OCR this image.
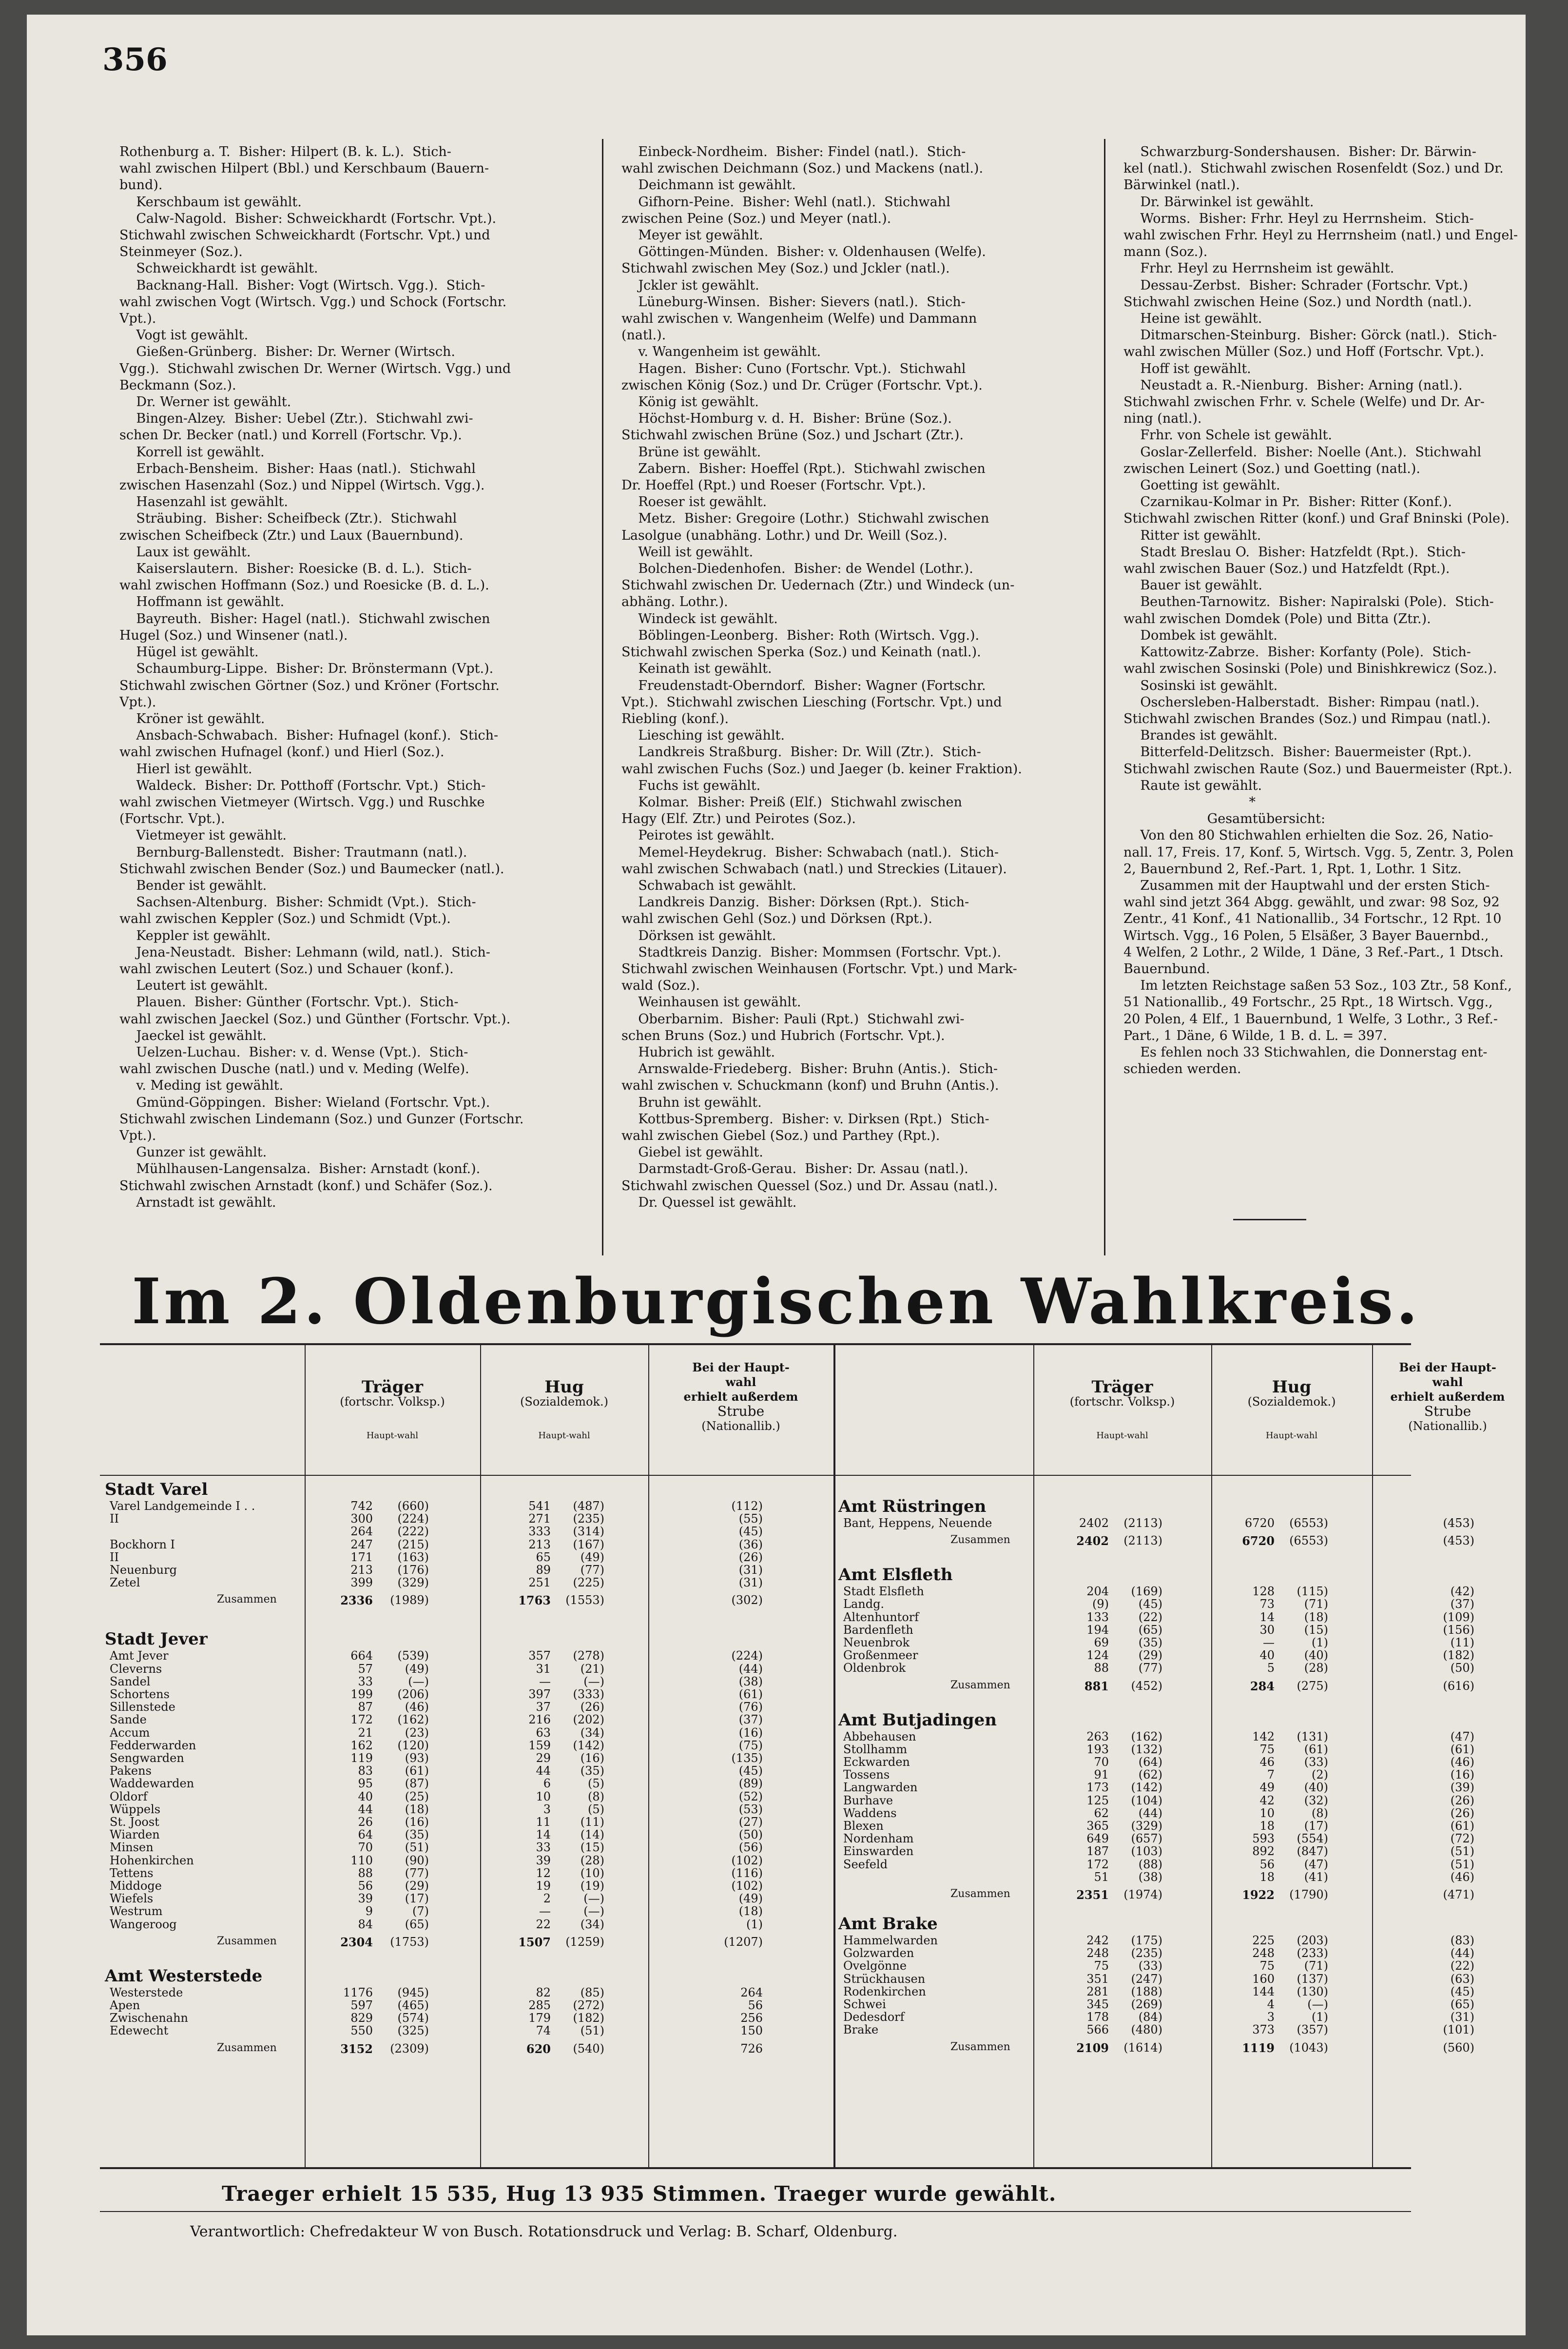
356
Rothenburg a. T.  Bisher: Hilpert (B. k. L.).  Stich-
wahl zwischen Hilpert (Bbl.) und Kerschbaum (Bauern-
bund).
Kerschbaum ist gewählt.
Calw-Nagold.  Bisher: Schweickhardt (Fortschr. Vpt.).
Stichwahl zwischen Schweickhardt (Fortschr. Vpt.) und
Steinmeyer (Soz.).
Schweickhardt ist gewählt.
Backnang-Hall.  Bisher: Vogt (Wirtsch. Vgg.).  Stich-
wahl zwischen Vogt (Wirtsch. Vgg.) und Schock (Fortschr.
Vpt.).
Vogt ist gewählt.
Gießen-Grünberg.  Bisher: Dr. Werner (Wirtsch.
Vgg.).  Stichwahl zwischen Dr. Werner (Wirtsch. Vgg.) und
Beckmann (Soz.).
Dr. Werner ist gewählt.
Bingen-Alzey.  Bisher: Uebel (Ztr.).  Stichwahl zwi-
schen Dr. Becker (natl.) und Korrell (Fortschr. Vp.).
Korrell ist gewählt.
Erbach-Bensheim.  Bisher: Haas (natl.).  Stichwahl
zwischen Hasenzahl (Soz.) und Nippel (Wirtsch. Vgg.).
Hasenzahl ist gewählt.
Sträubing.  Bisher: Scheifbeck (Ztr.).  Stichwahl
zwischen Scheifbeck (Ztr.) und Laux (Bauernbund).
Laux ist gewählt.
Kaiserslautern.  Bisher: Roesicke (B. d. L.).  Stich-
wahl zwischen Hoffmann (Soz.) und Roesicke (B. d. L.).
Hoffmann ist gewählt.
Bayreuth.  Bisher: Hagel (natl.).  Stichwahl zwischen
Hugel (Soz.) und Winsener (natl.).
Hügel ist gewählt.
Schaumburg-Lippe.  Bisher: Dr. Brönstermann (Vpt.).
Stichwahl zwischen Görtner (Soz.) und Kröner (Fortschr.
Vpt.).
Kröner ist gewählt.
Ansbach-Schwabach.  Bisher: Hufnagel (konf.).  Stich-
wahl zwischen Hufnagel (konf.) und Hierl (Soz.).
Hierl ist gewählt.
Waldeck.  Bisher: Dr. Potthoff (Fortschr. Vpt.)  Stich-
wahl zwischen Vietmeyer (Wirtsch. Vgg.) und Ruschke
(Fortschr. Vpt.).
Vietmeyer ist gewählt.
Bernburg-Ballenstedt.  Bisher: Trautmann (natl.).
Stichwahl zwischen Bender (Soz.) und Baumecker (natl.).
Bender ist gewählt.
Sachsen-Altenburg.  Bisher: Schmidt (Vpt.).  Stich-
wahl zwischen Keppler (Soz.) und Schmidt (Vpt.).
Keppler ist gewählt.
Jena-Neustadt.  Bisher: Lehmann (wild, natl.).  Stich-
wahl zwischen Leutert (Soz.) und Schauer (konf.).
Leutert ist gewählt.
Plauen.  Bisher: Günther (Fortschr. Vpt.).  Stich-
wahl zwischen Jaeckel (Soz.) und Günther (Fortschr. Vpt.).
Jaeckel ist gewählt.
Uelzen-Luchau.  Bisher: v. d. Wense (Vpt.).  Stich-
wahl zwischen Dusche (natl.) und v. Meding (Welfe).
v. Meding ist gewählt.
Gmünd-Göppingen.  Bisher: Wieland (Fortschr. Vpt.).
Stichwahl zwischen Lindemann (Soz.) und Gunzer (Fortschr.
Vpt.).
Gunzer ist gewählt.
Mühlhausen-Langensalza.  Bisher: Arnstadt (konf.).
Stichwahl zwischen Arnstadt (konf.) und Schäfer (Soz.).
Arnstadt ist gewählt.
Einbeck-Nordheim.  Bisher: Findel (natl.).  Stich-
wahl zwischen Deichmann (Soz.) und Mackens (natl.).
Deichmann ist gewählt.
Gifhorn-Peine.  Bisher: Wehl (natl.).  Stichwahl
zwischen Peine (Soz.) und Meyer (natl.).
Meyer ist gewählt.
Göttingen-Münden.  Bisher: v. Oldenhausen (Welfe).
Stichwahl zwischen Mey (Soz.) und Jckler (natl.).
Jckler ist gewählt.
Lüneburg-Winsen.  Bisher: Sievers (natl.).  Stich-
wahl zwischen v. Wangenheim (Welfe) und Dammann
(natl.).
v. Wangenheim ist gewählt.
Hagen.  Bisher: Cuno (Fortschr. Vpt.).  Stichwahl
zwischen König (Soz.) und Dr. Crüger (Fortschr. Vpt.).
König ist gewählt.
Höchst-Homburg v. d. H.  Bisher: Brüne (Soz.).
Stichwahl zwischen Brüne (Soz.) und Jschart (Ztr.).
Brüne ist gewählt.
Zabern.  Bisher: Hoeffel (Rpt.).  Stichwahl zwischen
Dr. Hoeffel (Rpt.) und Roeser (Fortschr. Vpt.).
Roeser ist gewählt.
Metz.  Bisher: Gregoire (Lothr.)  Stichwahl zwischen
Lasolgue (unabhäng. Lothr.) und Dr. Weill (Soz.).
Weill ist gewählt.
Bolchen-Diedenhofen.  Bisher: de Wendel (Lothr.).
Stichwahl zwischen Dr. Uedernach (Ztr.) und Windeck (un-
abhäng. Lothr.).
Windeck ist gewählt.
Böblingen-Leonberg.  Bisher: Roth (Wirtsch. Vgg.).
Stichwahl zwischen Sperka (Soz.) und Keinath (natl.).
Keinath ist gewählt.
Freudenstadt-Oberndorf.  Bisher: Wagner (Fortschr.
Vpt.).  Stichwahl zwischen Liesching (Fortschr. Vpt.) und
Riebling (konf.).
Liesching ist gewählt.
Landkreis Straßburg.  Bisher: Dr. Will (Ztr.).  Stich-
wahl zwischen Fuchs (Soz.) und Jaeger (b. keiner Fraktion).
Fuchs ist gewählt.
Kolmar.  Bisher: Preiß (Elf.)  Stichwahl zwischen
Hagy (Elf. Ztr.) und Peirotes (Soz.).
Peirotes ist gewählt.
Memel-Heydekrug.  Bisher: Schwabach (natl.).  Stich-
wahl zwischen Schwabach (natl.) und Streckies (Litauer).
Schwabach ist gewählt.
Landkreis Danzig.  Bisher: Dörksen (Rpt.).  Stich-
wahl zwischen Gehl (Soz.) und Dörksen (Rpt.).
Dörksen ist gewählt.
Stadtkreis Danzig.  Bisher: Mommsen (Fortschr. Vpt.).
Stichwahl zwischen Weinhausen (Fortschr. Vpt.) und Mark-
wald (Soz.).
Weinhausen ist gewählt.
Oberbarnim.  Bisher: Pauli (Rpt.)  Stichwahl zwi-
schen Bruns (Soz.) und Hubrich (Fortschr. Vpt.).
Hubrich ist gewählt.
Arnswalde-Friedeberg.  Bisher: Bruhn (Antis.).  Stich-
wahl zwischen v. Schuckmann (konf) und Bruhn (Antis.).
Bruhn ist gewählt.
Kottbus-Spremberg.  Bisher: v. Dirksen (Rpt.)  Stich-
wahl zwischen Giebel (Soz.) und Parthey (Rpt.).
Giebel ist gewählt.
Darmstadt-Groß-Gerau.  Bisher: Dr. Assau (natl.).
Stichwahl zwischen Quessel (Soz.) und Dr. Assau (natl.).
Dr. Quessel ist gewählt.
Schwarzburg-Sondershausen.  Bisher: Dr. Bärwin-
kel (natl.).  Stichwahl zwischen Rosenfeldt (Soz.) und Dr.
Bärwinkel (natl.).
Dr. Bärwinkel ist gewählt.
Worms.  Bisher: Frhr. Heyl zu Herrnsheim.  Stich-
wahl zwischen Frhr. Heyl zu Herrnsheim (natl.) und Engel-
mann (Soz.).
Frhr. Heyl zu Herrnsheim ist gewählt.
Dessau-Zerbst.  Bisher: Schrader (Fortschr. Vpt.)
Stichwahl zwischen Heine (Soz.) und Nordth (natl.).
Heine ist gewählt.
Ditmarschen-Steinburg.  Bisher: Görck (natl.).  Stich-
wahl zwischen Müller (Soz.) und Hoff (Fortschr. Vpt.).
Hoff ist gewählt.
Neustadt a. R.-Nienburg.  Bisher: Arning (natl.).
Stichwahl zwischen Frhr. v. Schele (Welfe) und Dr. Ar-
ning (natl.).
Frhr. von Schele ist gewählt.
Goslar-Zellerfeld.  Bisher: Noelle (Ant.).  Stichwahl
zwischen Leinert (Soz.) und Goetting (natl.).
Goetting ist gewählt.
Czarnikau-Kolmar in Pr.  Bisher: Ritter (Konf.).
Stichwahl zwischen Ritter (konf.) und Graf Bninski (Pole).
Ritter ist gewählt.
Stadt Breslau O.  Bisher: Hatzfeldt (Rpt.).  Stich-
wahl zwischen Bauer (Soz.) und Hatzfeldt (Rpt.).
Bauer ist gewählt.
Beuthen-Tarnowitz.  Bisher: Napiralski (Pole).  Stich-
wahl zwischen Domdek (Pole) und Bitta (Ztr.).
Dombek ist gewählt.
Kattowitz-Zabrze.  Bisher: Korfanty (Pole).  Stich-
wahl zwischen Sosinski (Pole) und Binishkrewicz (Soz.).
Sosinski ist gewählt.
Oschersleben-Halberstadt.  Bisher: Rimpau (natl.).
Stichwahl zwischen Brandes (Soz.) und Rimpau (natl.).
Brandes ist gewählt.
Bitterfeld-Delitzsch.  Bisher: Bauermeister (Rpt.).
Stichwahl zwischen Raute (Soz.) und Bauermeister (Rpt.).
Raute ist gewählt.
*
Gesamtübersicht:
Von den 80 Stichwahlen erhielten die Soz. 26, Natio-
nall. 17, Freis. 17, Konf. 5, Wirtsch. Vgg. 5, Zentr. 3, Polen
2, Bauernbund 2, Ref.-Part. 1, Rpt. 1, Lothr. 1 Sitz.
Zusammen mit der Hauptwahl und der ersten Stich-
wahl sind jetzt 364 Abgg. gewählt, und zwar: 98 Soz, 92
Zentr., 41 Konf., 41 Nationallib., 34 Fortschr., 12 Rpt. 10
Wirtsch. Vgg., 16 Polen, 5 Elsäßer, 3 Bayer Bauernbd.,
4 Welfen, 2 Lothr., 2 Wilde, 1 Däne, 3 Ref.-Part., 1 Dtsch.
Bauernbund.
Im letzten Reichstage saßen 53 Soz., 103 Ztr., 58 Konf.,
51 Nationallib., 49 Fortschr., 25 Rpt., 18 Wirtsch. Vgg.,
20 Polen, 4 Elf., 1 Bauernbund, 1 Welfe, 3 Lothr., 3 Ref.-
Part., 1 Däne, 6 Wilde, 1 B. d. L. = 397.
Es fehlen noch 33 Stichwahlen, die Donnerstag ent-
schieden werden.
Im 2. Oldenburgischen Wahlkreis.
Träger
(fortschr. Volksp.)
Haupt-wahl
Hug
(Sozialdemok.)
Haupt-wahl
Bei der Haupt-
wahl
erhielt außerdem
Strube
(Nationallib.)
Träger
(fortschr. Volksp.)
Haupt-wahl
Hug
(Sozialdemok.)
Haupt-wahl
Bei der Haupt-
wahl
erhielt außerdem
Strube
(Nationallib.)
Stadt Varel
Varel Landgemeinde I . .	742	(660)	541	(487)	(112)
II	300	(224)	271	(235)	(55)
264	(222)	333	(314)	(45)
Bockhorn I	247	(215)	213	(167)	(36)
II	171	(163)	65	(49)	(26)
Neuenburg	213	(176)	89	(77)	(31)
Zetel	399	(329)	251	(225)	(31)
Zusammen	2336	(1989)	1763	(1553)	(302)
Stadt Jever
Amt Jever	664	(539)	357	(278)	(224)
Cleverns	57	(49)	31	(21)	(44)
Sandel	33	(—)	—	(—)	(38)
Schortens	199	(206)	397	(333)	(61)
Sillenstede	87	(46)	37	(26)	(76)
Sande	172	(162)	216	(202)	(37)
Accum	21	(23)	63	(34)	(16)
Fedderwarden	162	(120)	159	(142)	(75)
Sengwarden	119	(93)	29	(16)	(135)
Pakens	83	(61)	44	(35)	(45)
Waddewarden	95	(87)	6	(5)	(89)
Oldorf	40	(25)	10	(8)	(52)
Wüppels	44	(18)	3	(5)	(53)
St. Joost	26	(16)	11	(11)	(27)
Wiarden	64	(35)	14	(14)	(50)
Minsen	70	(51)	33	(15)	(56)
Hohenkirchen	110	(90)	39	(28)	(102)
Tettens	88	(77)	12	(10)	(116)
Middoge	56	(29)	19	(19)	(102)
Wiefels	39	(17)	2	(—)	(49)
Westrum	9	(7)	—	(—)	(18)
Wangeroog	84	(65)	22	(34)	(1)
Zusammen	2304	(1753)	1507	(1259)	(1207)
Amt Westerstede
Westerstede	1176	(945)	82	(85)	264
Apen	597	(465)	285	(272)	56
Zwischenahn	829	(574)	179	(182)	256
Edewecht	550	(325)	74	(51)	150
Zusammen	3152	(2309)	620	(540)	726
Amt Rüstringen
Bant, Heppens, Neuende	2402	(2113)	6720	(6553)	(453)
Zusammen	2402	(2113)	6720	(6553)	(453)
Amt Elsfleth
Stadt Elsfleth	204	(169)	128	(115)	(42)
Landg.	(9)	(45)	73	(71)	(37)
Altenhuntorf	133	(22)	14	(18)	(109)
Bardenfleth	194	(65)	30	(15)	(156)
Neuenbrok	69	(35)	—	(1)	(11)
Großenmeer	124	(29)	40	(40)	(182)
Oldenbrok	88	(77)	5	(28)	(50)
Zusammen	881	(452)	284	(275)	(616)
Amt Butjadingen
Abbehausen	263	(162)	142	(131)	(47)
Stollhamm	193	(132)	75	(61)	(61)
Eckwarden	70	(64)	46	(33)	(46)
Tossens	91	(62)	7	(2)	(16)
Langwarden	173	(142)	49	(40)	(39)
Burhave	125	(104)	42	(32)	(26)
Waddens	62	(44)	10	(8)	(26)
Blexen	365	(329)	18	(17)	(61)
Nordenham	649	(657)	593	(554)	(72)
Einswarden	187	(103)	892	(847)	(51)
Seefeld	172	(88)	56	(47)	(51)
51	(38)	18	(41)	(46)
Zusammen	2351	(1974)	1922	(1790)	(471)
Amt Brake
Hammelwarden	242	(175)	225	(203)	(83)
Golzwarden	248	(235)	248	(233)	(44)
Ovelgönne	75	(33)	75	(71)	(22)
Strückhausen	351	(247)	160	(137)	(63)
Rodenkirchen	281	(188)	144	(130)	(45)
Schwei	345	(269)	4	(—)	(65)
Dedesdorf	178	(84)	3	(1)	(31)
Brake	566	(480)	373	(357)	(101)
Zusammen	2109	(1614)	1119	(1043)	(560)
Traeger erhielt 15 535, Hug 13 935 Stimmen. Traeger wurde gewählt.
Verantwortlich: Chefredakteur W von Busch. Rotationsdruck und Verlag: B. Scharf, Oldenburg.
